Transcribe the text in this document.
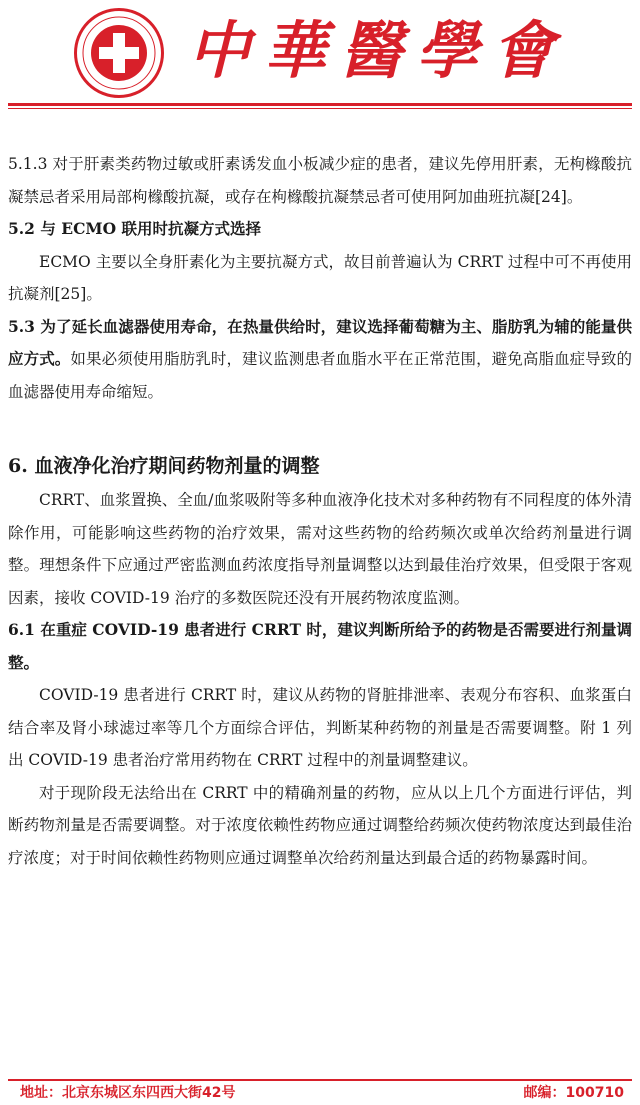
中華醫學會

5.1.3 对于肝素类药物过敏或肝素诱发血小板减少症的患者，建议先停用肝素，无枸橼酸抗凝禁忌者采用局部枸橼酸抗凝，或存在枸橼酸抗凝禁忌者可使用阿加曲班抗凝[24]。

5.2 与 ECMO 联用时抗凝方式选择

ECMO 主要以全身肝素化为主要抗凝方式，故目前普遍认为 CRRT 过程中可不再使用抗凝剂[25]。

5.3 为了延长血滤器使用寿命，在热量供给时，建议选择葡萄糖为主、脂肪乳为辅的能量供应方式。如果必须使用脂肪乳时，建议监测患者血脂水平在正常范围，避免高脂血症导致的血滤器使用寿命缩短。

6. 血液净化治疗期间药物剂量的调整

CRRT、血浆置换、全血/血浆吸附等多种血液净化技术对多种药物有不同程度的体外清除作用，可能影响这些药物的治疗效果，需对这些药物的给药频次或单次给药剂量进行调整。理想条件下应通过严密监测血药浓度指导剂量调整以达到最佳治疗效果，但受限于客观因素，接收 COVID-19 治疗的多数医院还没有开展药物浓度监测。

6.1 在重症 COVID-19 患者进行 CRRT 时，建议判断所给予的药物是否需要进行剂量调整。

COVID-19 患者进行 CRRT 时，建议从药物的肾脏排泄率、表观分布容积、血浆蛋白结合率及肾小球滤过率等几个方面综合评估，判断某种药物的剂量是否需要调整。附 1 列出 COVID-19 患者治疗常用药物在 CRRT 过程中的剂量调整建议。

对于现阶段无法给出在 CRRT 中的精确剂量的药物，应从以上几个方面进行评估，判断药物剂量是否需要调整。对于浓度依赖性药物应通过调整给药频次使药物浓度达到最佳治疗浓度；对于时间依赖性药物则应通过调整单次给药剂量达到最合适的药物暴露时间。

地址：北京东城区东四西大街42号	邮编：100710
